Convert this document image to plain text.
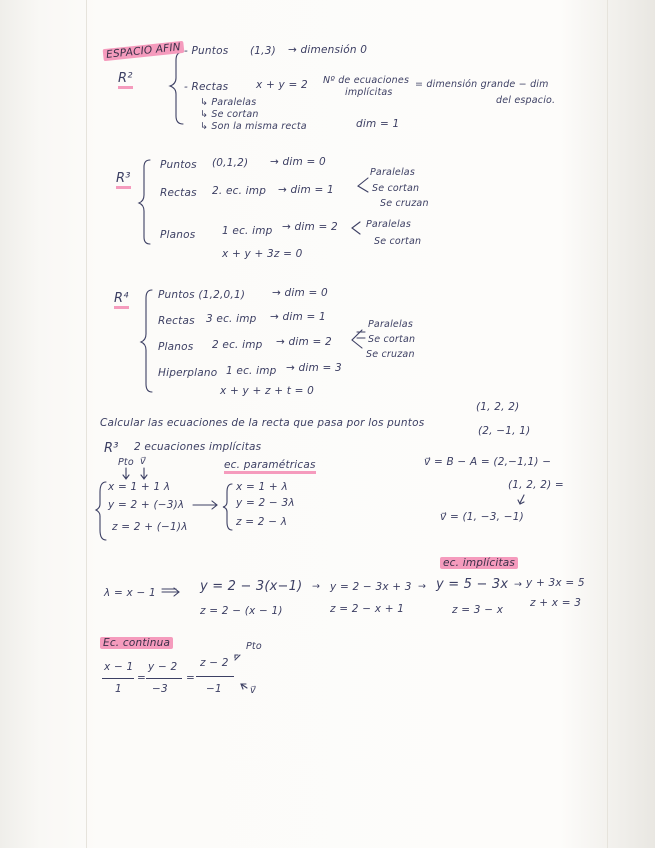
ESPACIO AFIN
R²
- Puntos (1,3) → dimensión 0
- Rectas	x + y = 2 Nº de ecuaciones
implícitas
= dimensión grande − dim
del espacio.
↳ Paralelas
↳ Se cortan
↳ Son la misma recta	dim = 1
R³
Puntos (0,1,2) → dim = 0
Paralelas
Rectas 2. ec. imp → dim = 1	Se cortan
Se cruzan
Paralelas
Planos	1 ec. imp → dim = 2
Se cortan
x + y + 3z = 0
R⁴	Puntos (1,2,0,1)	→ dim = 0
Rectas 3 ec. imp → dim = 1
Paralelas
Planos 2 ec. imp → dim = 2	Se cortan
Se cruzan
Hiperplano 1 ec. imp → dim = 3
x + y + z + t = 0
Calcular las ecuaciones de la recta que pasa por los puntos
(1, 2, 2)
(2, −1, 1)
R³ 2 ecuaciones implícitas
Pto v⃗	ec. paramétricas
x = 1 + 1 λ
y = 2 + (−3)λ
z = 2 + (−1)λ
x = 1 + λ
y = 2 − 3λ
z = 2 − λ
v⃗ = B − A = (2,−1,1) −
(1, 2, 2) =
v⃗ = (1, −3, −1)
ec. implícitas
λ = x − 1	y = 2 − 3(x−1) → y = 2 − 3x + 3 → y = 5 − 3x → y + 3x = 5
z = 2 − (x − 1)	z = 2 − x + 1	z = 3 − x
z + x = 3
Ec. continua	Pto
x − 1
1
=
y − 2
−3
=
z − 2
−1	v⃗
